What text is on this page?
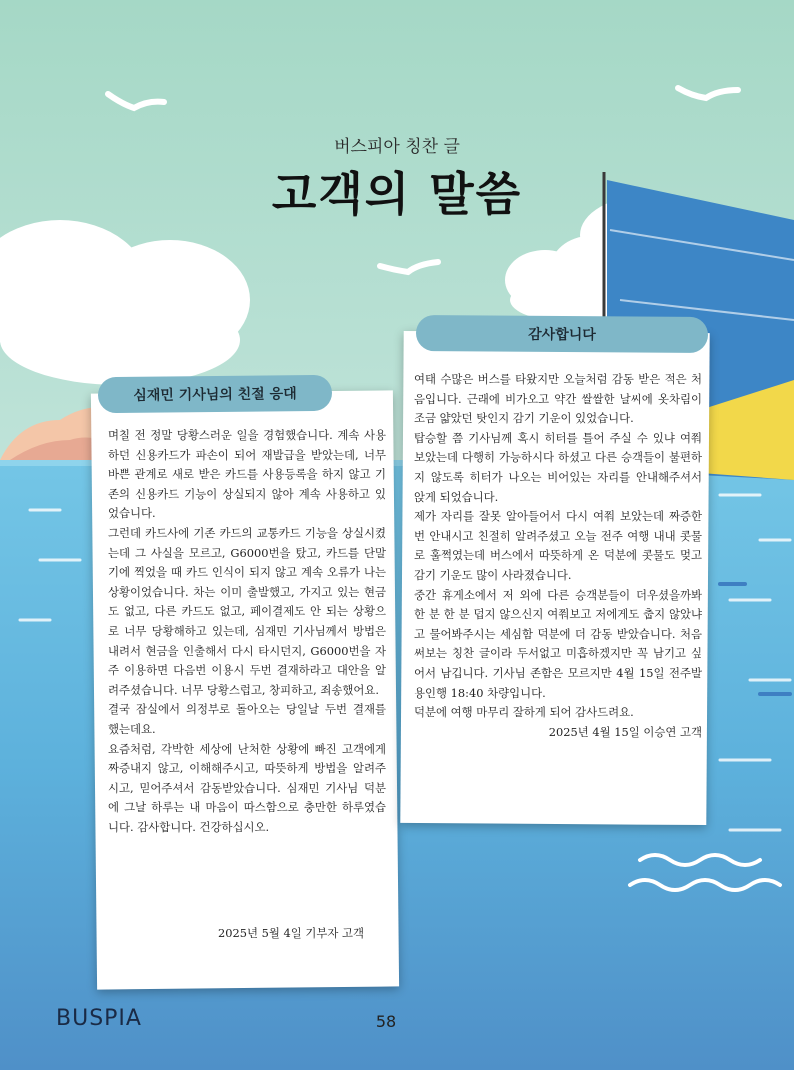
버스피아 칭찬 글
고객의 말씀
심재민 기사님의 친절 응대

며칠 전 정말 당황스러운 일을 경험했습니다. 계속 사용하던 신용카드가 파손이 되어 재발급을 받았는데, 너무 바쁜 관계로 새로 받은 카드를 사용등록을 하지 않고 기존의 신용카드 기능이 상실되지 않아 계속 사용하고 있었습니다.

그런데 카드사에 기존 카드의 교통카드 기능을 상실시켰는데 그 사실을 모르고, G6000번을 탔고, 카드를 단말기에 찍었을 때 카드 인식이 되지 않고 계속 오류가 나는 상황이었습니다. 차는 이미 출발했고, 가지고 있는 현금도 없고, 다른 카드도 없고, 페이결제도 안 되는 상황으로 너무 당황해하고 있는데, 심재민 기사님께서 방법은 내려서 현금을 인출해서 다시 타시던지, G6000번을 자주 이용하면 다음번 이용시 두번 결재하라고 대안을 알려주셨습니다. 너무 당황스럽고, 창피하고, 죄송했어요.

결국 잠실에서 의정부로 돌아오는 당일날 두번 결재를 했는데요.

요즘처럼, 각박한 세상에 난처한 상황에 빠진 고객에게 짜증내지 않고, 이해해주시고, 따뜻하게 방법을 알려주시고, 믿어주셔서 감동받았습니다. 심재민 기사님 덕분에 그날 하루는 내 마음이 따스함으로 충만한 하루였습니다. 감사합니다. 건강하십시오.

2025년 5월 4일 기부자 고객
감사합니다

여태 수많은 버스를 타왔지만 오늘처럼 감동 받은 적은 처음입니다. 근래에 비가오고 약간 쌀쌀한 날씨에 옷차림이 조금 얇았던 탓인지 감기 기운이 있었습니다.

탑승할 쯤 기사님께 혹시 히터를 틀어 주실 수 있냐 여쭤 보았는데 다행히 가능하시다 하셨고 다른 승객들이 불편하지 않도록 히터가 나오는 비어있는 자리를 안내해주셔서 앉게 되었습니다.

제가 자리를 잘못 알아들어서 다시 여쭤 보았는데 짜증한번 안내시고 친절히 알려주셨고 오늘 전주 여행 내내 콧물로 훌쩍였는데 버스에서 따뜻하게 온 덕분에 콧물도 멎고 감기 기운도 많이 사라졌습니다.

중간 휴게소에서 저 외에 다른 승객분들이 더우셨을까봐 한 분 한 분 덥지 않으신지 여쭤보고 저에게도 춥지 않았냐고 물어봐주시는 세심함 덕분에 더 감동 받았습니다. 처음 써보는 칭찬 글이라 두서없고 미흡하겠지만 꼭 남기고 싶어서 남깁니다. 기사님 존함은 모르지만 4월 15일 전주발 용인행 18:40 차량입니다.

덕분에 여행 마무리 잘하게 되어 감사드려요.

2025년 4월 15일 이승연 고객

BUSPIA	58
